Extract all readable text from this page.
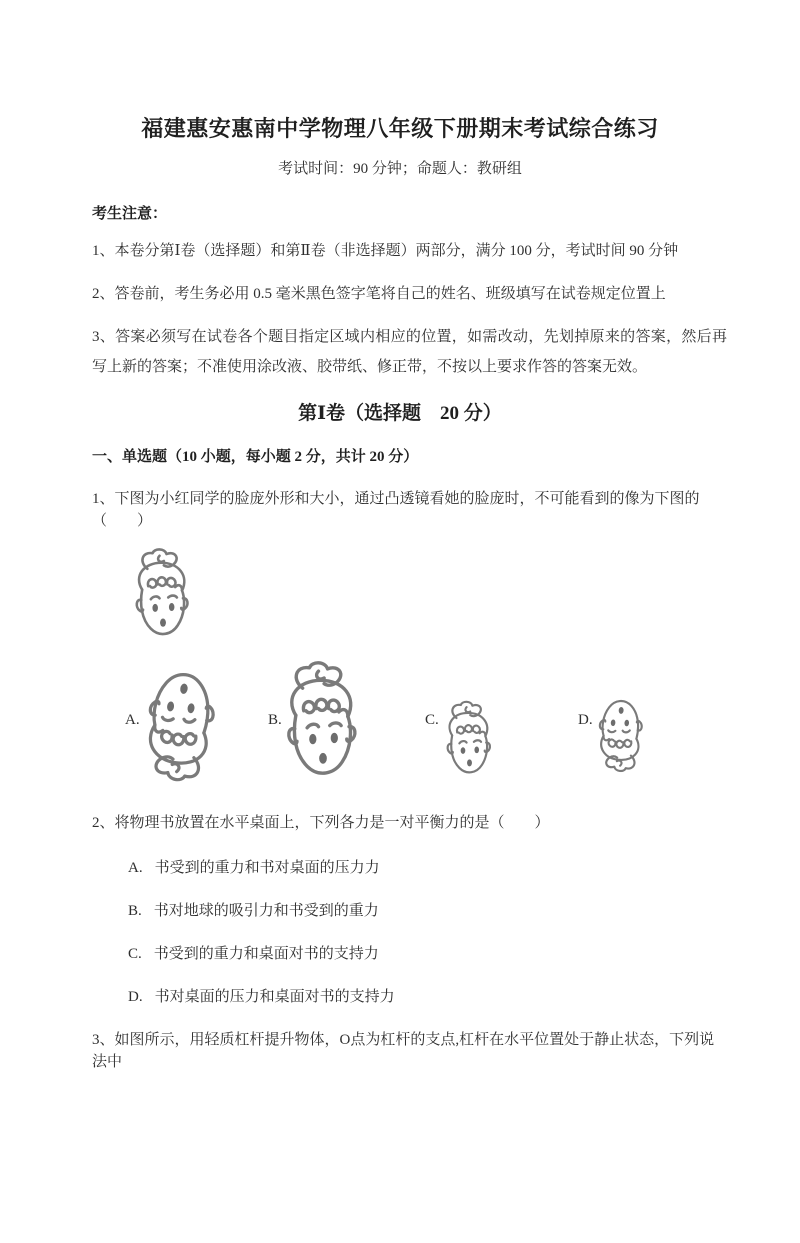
福建惠安惠南中学物理八年级下册期末考试综合练习
考试时间：90 分钟；命题人：教研组
考生注意：

1、本卷分第Ⅰ卷（选择题）和第Ⅱ卷（非选择题）两部分，满分 100 分，考试时间 90 分钟

2、答卷前，考生务必用 0.5 毫米黑色签字笔将自己的姓名、班级填写在试卷规定位置上

3、答案必须写在试卷各个题目指定区域内相应的位置，如需改动，先划掉原来的答案，然后再写上新的答案；不准使用涂改液、胶带纸、修正带，不按以上要求作答的答案无效。

第Ⅰ卷（选择题　20 分）
一、单选题（10 小题，每小题 2 分，共计 20 分）

1、下图为小红同学的脸庞外形和大小，通过凸透镜看她的脸庞时，不可能看到的像为下图的（　　）

A.	B.	C.	D.

2、将物理书放置在水平桌面上，下列各力是一对平衡力的是（　　）

A. 书受到的重力和书对桌面的压力力

B. 书对地球的吸引力和书受到的重力

C. 书受到的重力和桌面对书的支持力

D. 书对桌面的压力和桌面对书的支持力

3、如图所示，用轻质杠杆提升物体，O点为杠杆的支点,杠杆在水平位置处于静止状态，下列说法中
